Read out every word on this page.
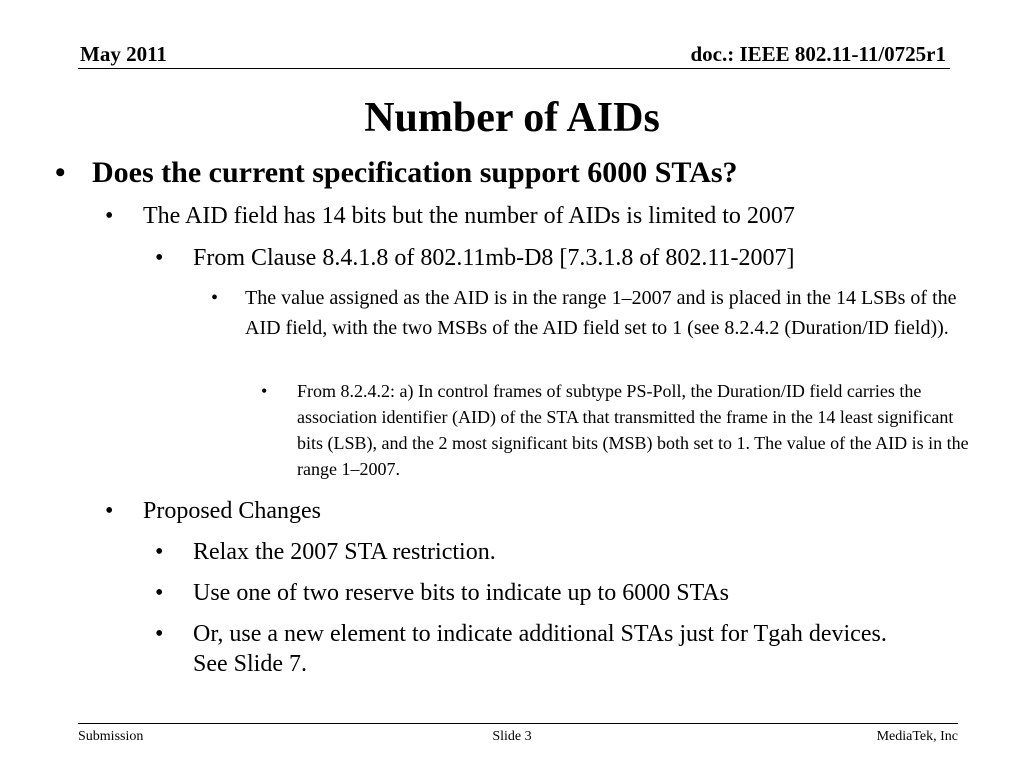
May 2011	doc.: IEEE 802.11-11/0725r1
Number of AIDs
• Does the current specification support 6000 STAs?
• The AID field has 14 bits but the number of AIDs is limited to 2007
• From Clause 8.4.1.8 of 802.11mb-D8 [7.3.1.8 of 802.11-2007]
• The value assigned as the AID is in the range 1–2007 and is placed in the 14 LSBs of the AID field, with the two MSBs of the AID field set to 1 (see 8.2.4.2 (Duration/ID field)).
• From 8.2.4.2: a) In control frames of subtype PS-Poll, the Duration/ID field carries the association identifier (AID) of the STA that transmitted the frame in the 14 least significant bits (LSB), and the 2 most significant bits (MSB) both set to 1. The value of the AID is in the range 1–2007.
• Proposed Changes
• Relax the 2007 STA restriction.
• Use one of two reserve bits to indicate up to 6000 STAs
• Or, use a new element to indicate additional STAs just for Tgah devices. See Slide 7.
Submission	Slide 3	MediaTek, Inc
